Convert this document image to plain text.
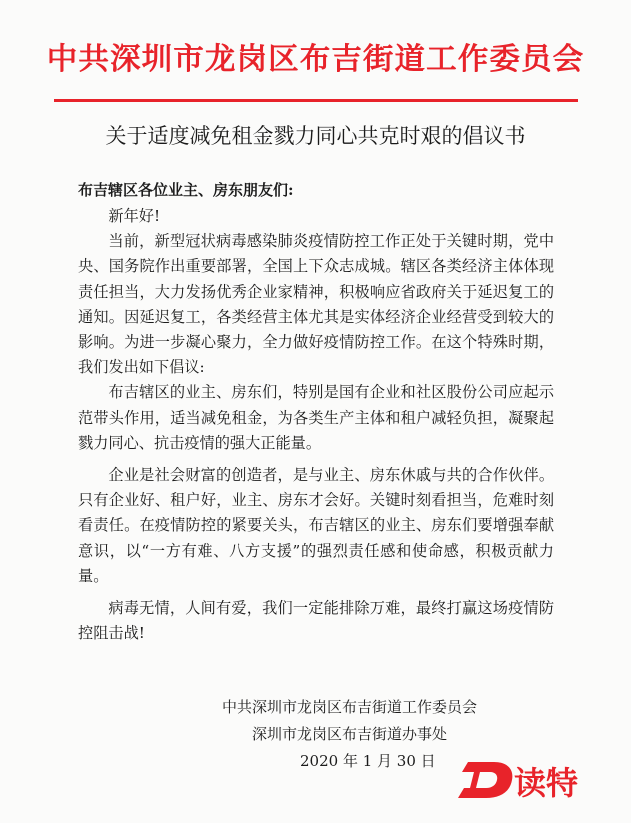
中共深圳市龙岗区布吉街道工作委员会
关于适度减免租金戮力同心共克时艰的倡议书
布吉辖区各位业主、房东朋友们:

新年好!

当前，新型冠状病毒感染肺炎疫情防控工作正处于关键时期，党中央、国务院作出重要部署，全国上下众志成城。辖区各类经济主体体现责任担当，大力发扬优秀企业家精神，积极响应省政府关于延迟复工的通知。因延迟复工，各类经营主体尤其是实体经济企业经营受到较大的影响。为进一步凝心聚力，全力做好疫情防控工作。在这个特殊时期，我们发出如下倡议:

布吉辖区的业主、房东们，特别是国有企业和社区股份公司应起示范带头作用，适当减免租金，为各类生产主体和租户减轻负担，凝聚起戮力同心、抗击疫情的强大正能量。

企业是社会财富的创造者，是与业主、房东休戚与共的合作伙伴。只有企业好、租户好，业主、房东才会好。关键时刻看担当，危难时刻看责任。在疫情防控的紧要关头，布吉辖区的业主、房东们要增强奉献意识，以“一方有难、八方支援”的强烈责任感和使命感，积极贡献力量。

病毒无情，人间有爱，我们一定能排除万难，最终打赢这场疫情防控阻击战!

中共深圳市龙岗区布吉街道工作委员会
深圳市龙岗区布吉街道办事处
2020 年 1 月 30 日
读特
